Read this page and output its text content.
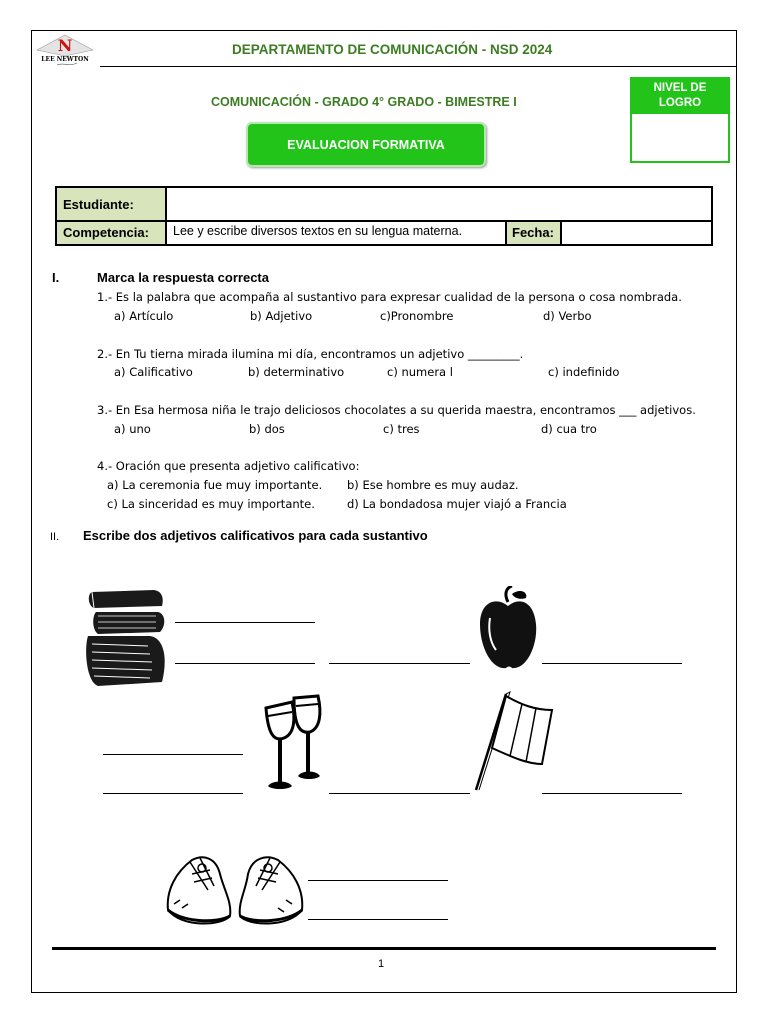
N
LEE NEWTON
DEPARTAMENTO DE COMUNICACIÓN - NSD 2024
COMUNICACIÓN - GRADO 4° GRADO - BIMESTRE I
EVALUACION FORMATIVA
NIVEL DE LOGRO
Estudiante:
Competencia:	Lee y escribe diversos textos en su lengua materna.	Fecha:
I.	Marca la respuesta correcta
1.- Es la palabra que acompaña al sustantivo para expresar cualidad de la persona o cosa nombrada.
a) Artículo	b) Adjetivo	c)Pronombre	d) Verbo
2.- En Tu tierna mirada ilumina mi día, encontramos un adjetivo _________.
a) Calificativo	b) determinativo	c) numera l	c) indefinido
3.- En Esa hermosa niña le trajo deliciosos chocolates a su querida maestra, encontramos ___ adjetivos.
a) uno	b) dos	c) tres	d) cua tro
4.- Oración que presenta adjetivo calificativo:
a) La ceremonia fue muy importante. b) Ese hombre es muy audaz.
c) La sinceridad es muy importante.	d) La bondadosa mujer viajó a Francia
II. Escribe dos adjetivos calificativos para cada sustantivo
1
